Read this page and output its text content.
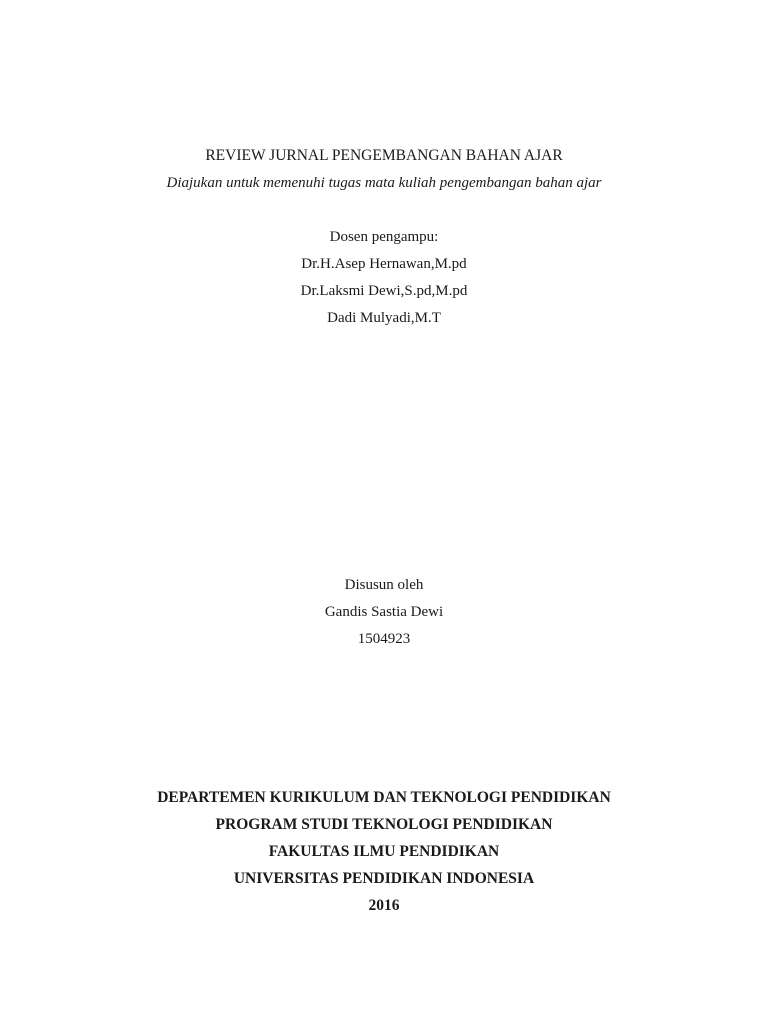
REVIEW JURNAL PENGEMBANGAN BAHAN AJAR
Diajukan untuk memenuhi tugas mata kuliah pengembangan bahan ajar
Dosen pengampu:
Dr.H.Asep Hernawan,M.pd
Dr.Laksmi Dewi,S.pd,M.pd
Dadi Mulyadi,M.T
Disusun oleh
Gandis Sastia Dewi
1504923
DEPARTEMEN KURIKULUM DAN TEKNOLOGI PENDIDIKAN
PROGRAM STUDI TEKNOLOGI PENDIDIKAN
FAKULTAS ILMU PENDIDIKAN
UNIVERSITAS PENDIDIKAN INDONESIA
2016
